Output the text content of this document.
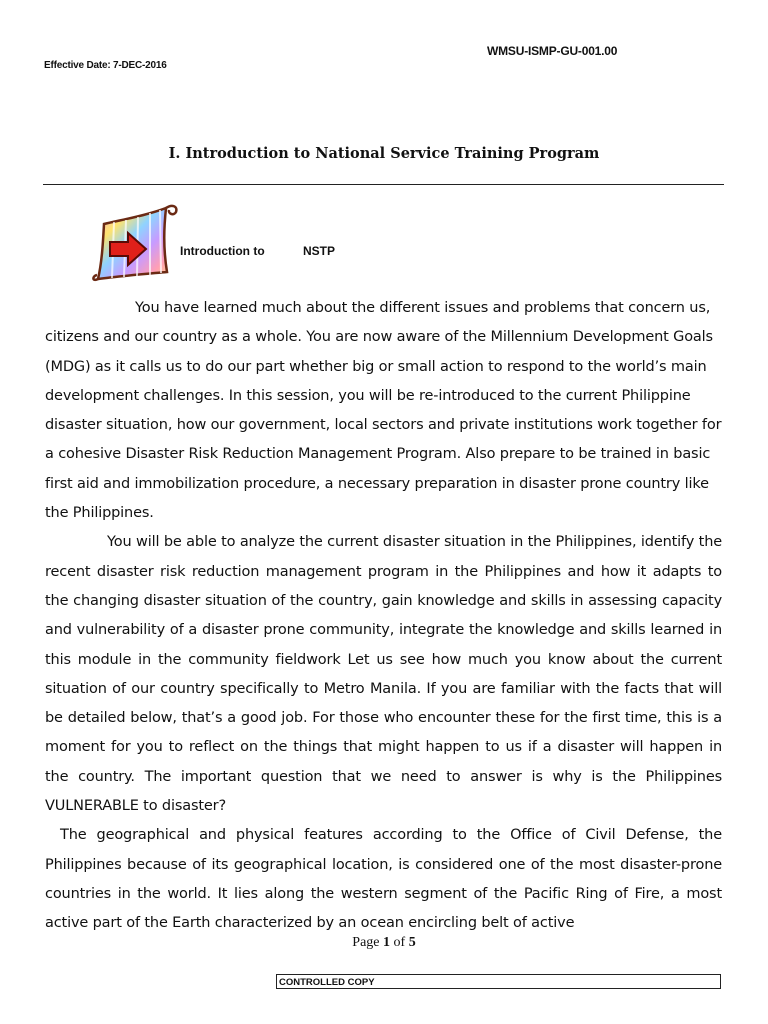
WMSU-ISMP-GU-001.00
Effective Date: 7-DEC-2016
I. Introduction to National Service Training Program
Introduction to	NSTP

You have learned much about the different issues and problems that concern us, citizens and our country as a whole. You are now aware of the Millennium Development Goals (MDG) as it calls us to do our part whether big or small action to respond to the world’s main development challenges. In this session, you will be re-introduced to the current Philippine disaster situation, how our government, local sectors and private institutions work together for a cohesive Disaster Risk Reduction Management Program. Also prepare to be trained in basic first aid and immobilization procedure, a necessary preparation in disaster prone country like the Philippines.

You will be able to analyze the current disaster situation in the Philippines, identify the recent disaster risk reduction management program in the Philippines and how it adapts to the changing disaster situation of the country, gain knowledge and skills in assessing capacity and vulnerability of a disaster prone community, integrate the knowledge and skills learned in this module in the community fieldwork Let us see how much you know about the current situation of our country specifically to Metro Manila. If you are familiar with the facts that will be detailed below, that’s a good job. For those who encounter these for the first time, this is a moment for you to reflect on the things that might happen to us if a disaster will happen in the country. The important question that we need to answer is why is the Philippines VULNERABLE to disaster?

The geographical and physical features according to the Office of Civil Defense, the Philippines because of its geographical location, is considered one of the most disaster-prone countries in the world. It lies along the western segment of the Pacific Ring of Fire, a most active part of the Earth characterized by an ocean encircling belt of active

Page 1 of 5
CONTROLLED COPY
